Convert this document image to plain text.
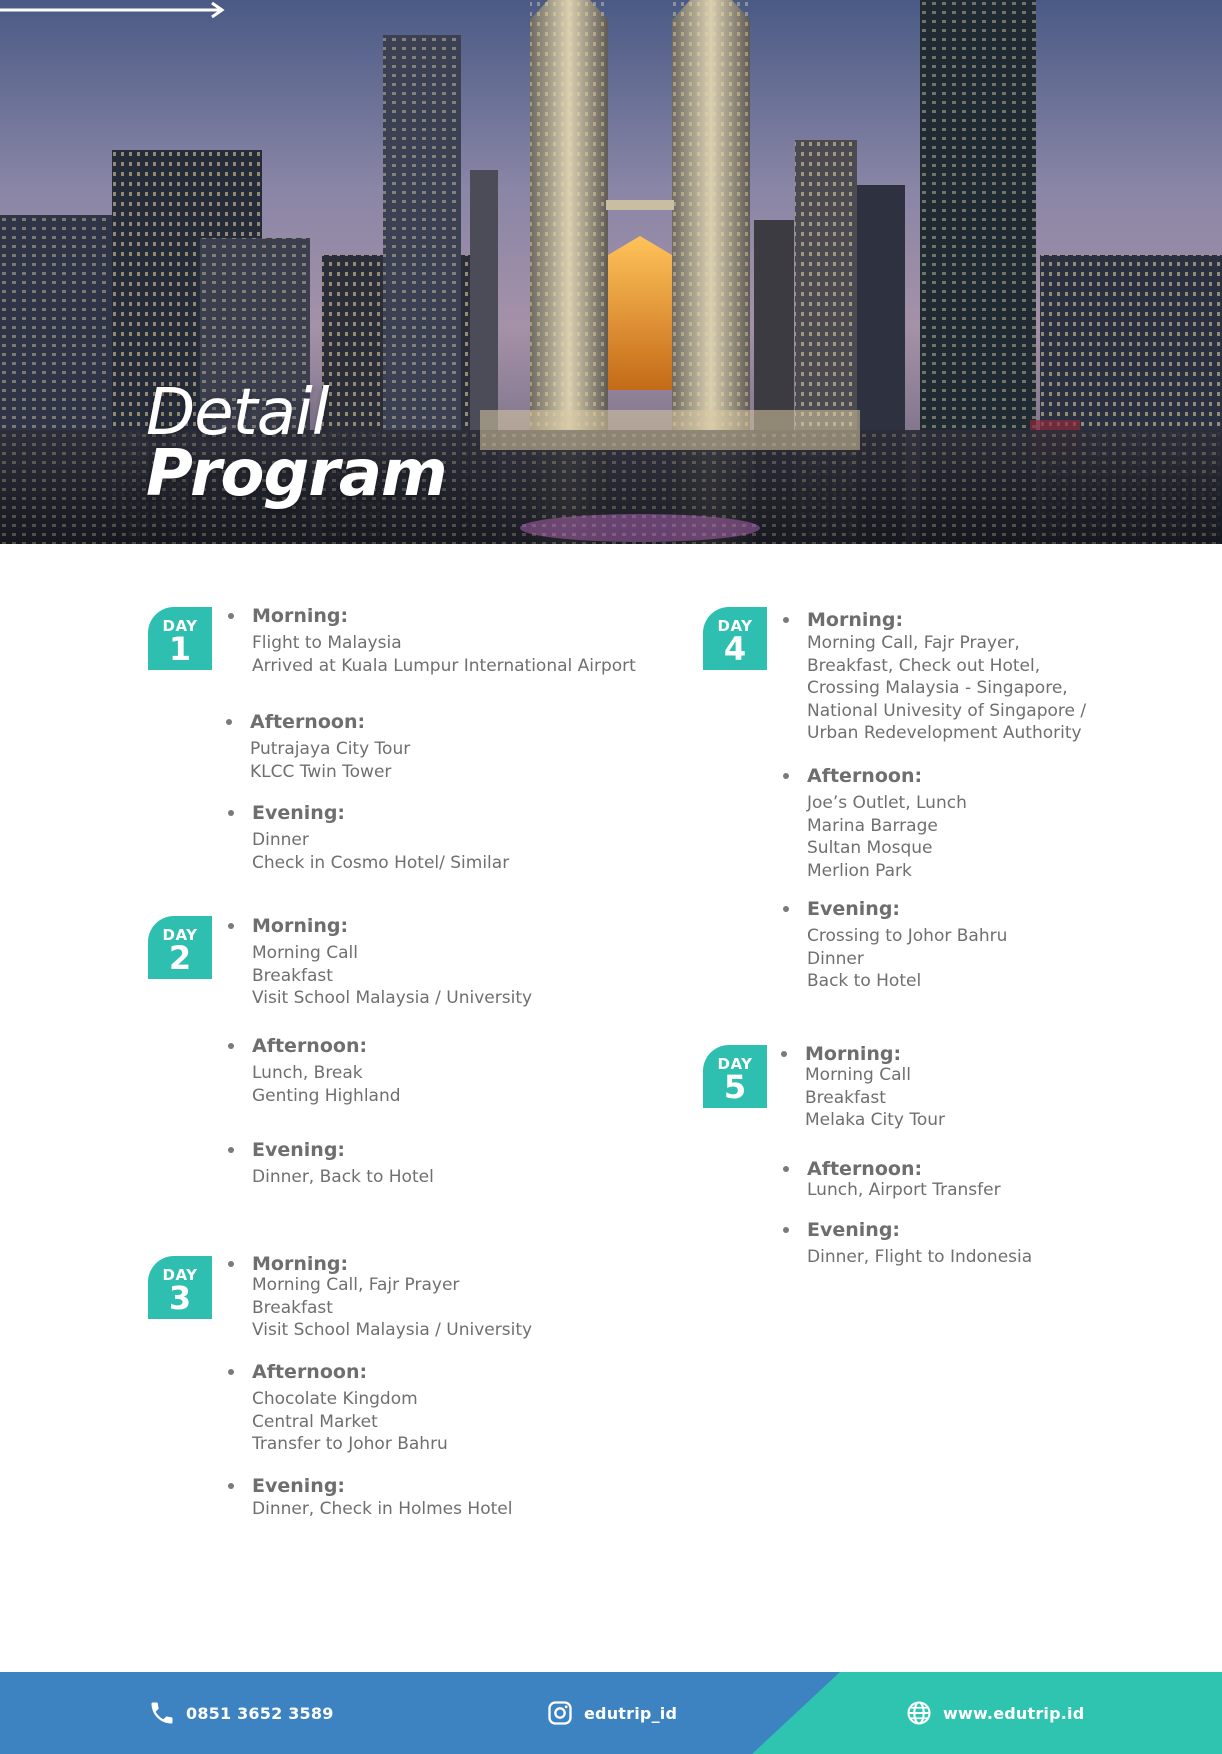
Detail
Program
DAY
1
Morning:
Flight to Malaysia
Arrived at Kuala Lumpur International Airport
Afternoon:
Putrajaya City Tour
KLCC Twin Tower
Evening:
Dinner
Check in Cosmo Hotel/ Similar
DAY
2
Morning:
Morning Call
Breakfast
Visit School Malaysia / University
Afternoon:
Lunch, Break
Genting Highland
Evening:
Dinner, Back to Hotel
DAY
3
Morning:
Morning Call, Fajr Prayer
Breakfast
Visit School Malaysia / University
Afternoon:
Chocolate Kingdom
Central Market
Transfer to Johor Bahru
Evening:
Dinner, Check in Holmes Hotel
DAY
4
Morning:
Morning Call, Fajr Prayer,
Breakfast, Check out Hotel,
Crossing Malaysia - Singapore,
National Univesity of Singapore /
Urban Redevelopment Authority
Afternoon:
Joe’s Outlet, Lunch
Marina Barrage
Sultan Mosque
Merlion Park
Evening:
Crossing to Johor Bahru
Dinner
Back to Hotel
DAY
5
Morning:
Morning Call
Breakfast
Melaka City Tour
Afternoon:
Lunch, Airport Transfer
Evening:
Dinner, Flight to Indonesia
0851 3652 3589	edutrip_id	www.edutrip.id
